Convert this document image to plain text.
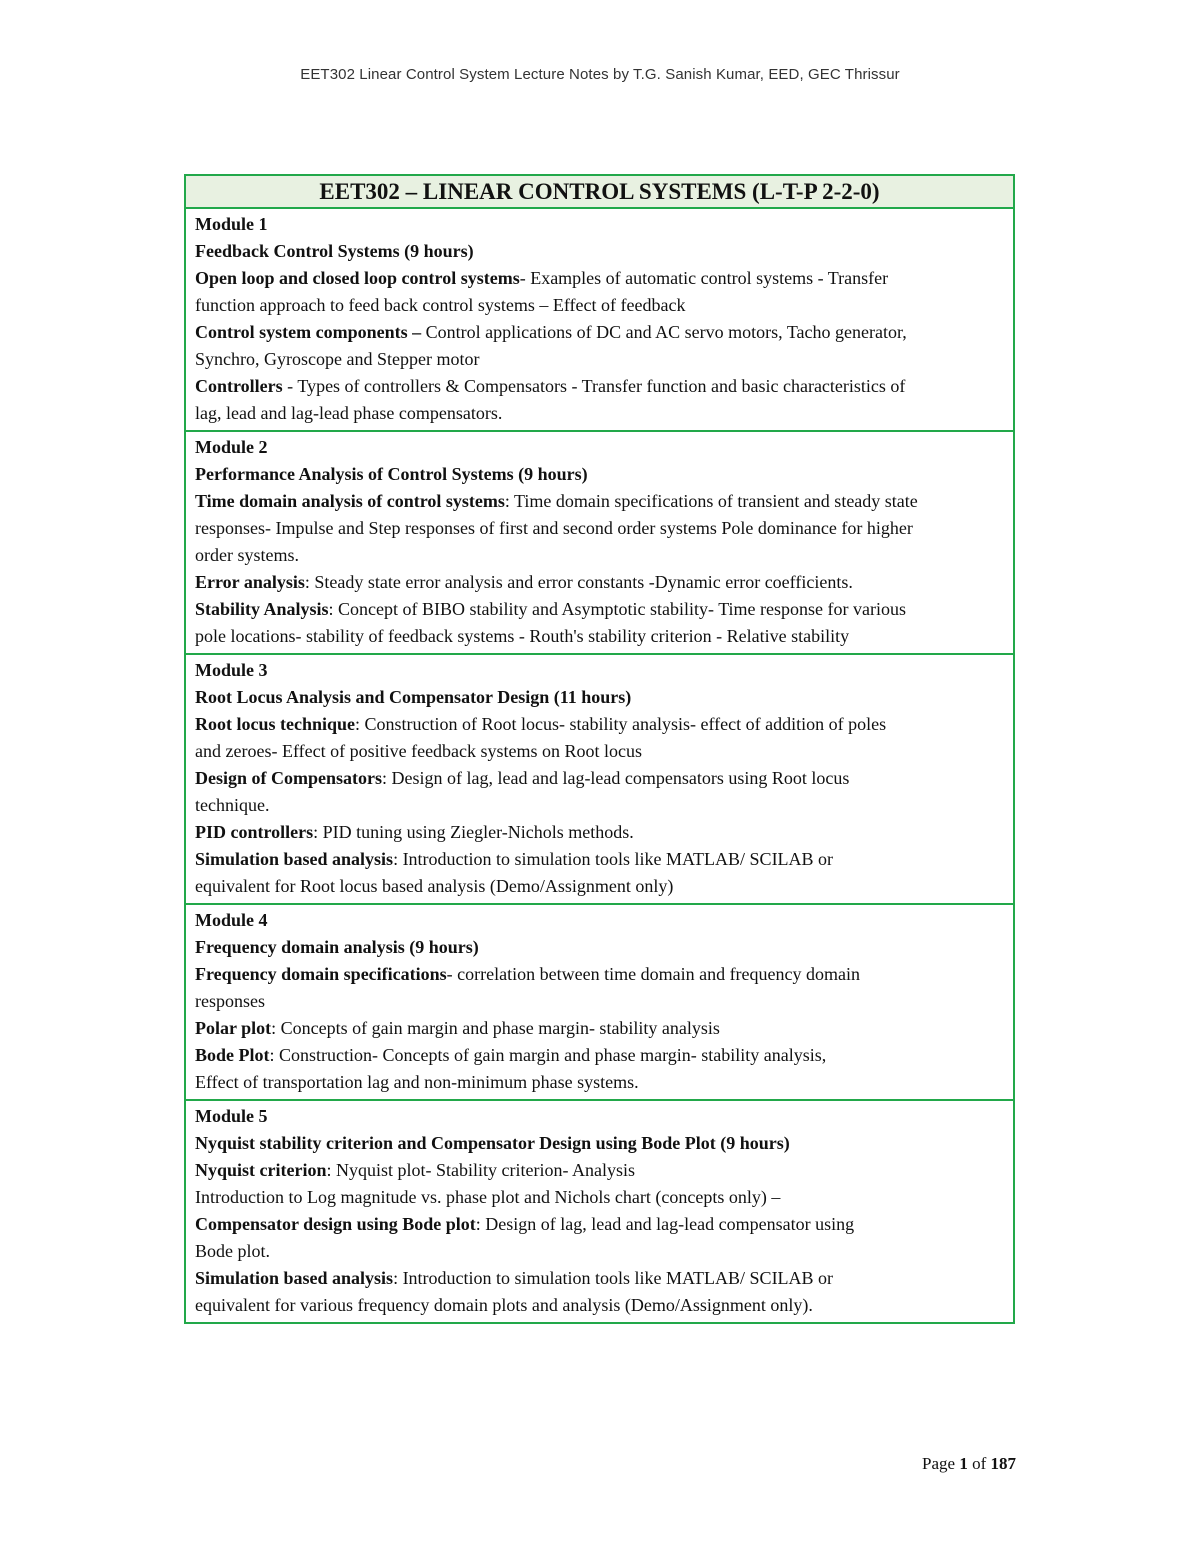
EET302 Linear Control System Lecture Notes by T.G. Sanish Kumar, EED, GEC Thrissur
EET302 – LINEAR CONTROL SYSTEMS (L-T-P 2-2-0)

Module 1
Feedback Control Systems (9 hours)
Open loop and closed loop control systems- Examples of automatic control systems - Transfer
function approach to feed back control systems – Effect of feedback
Control system components – Control applications of DC and AC servo motors, Tacho generator,
Synchro, Gyroscope and Stepper motor
Controllers - Types of controllers & Compensators - Transfer function and basic characteristics of
lag, lead and lag-lead phase compensators.

Module 2
Performance Analysis of Control Systems (9 hours)
Time domain analysis of control systems: Time domain specifications of transient and steady state
responses- Impulse and Step responses of first and second order systems Pole dominance for higher
order systems.
Error analysis: Steady state error analysis and error constants -Dynamic error coefficients.
Stability Analysis: Concept of BIBO stability and Asymptotic stability- Time response for various
pole locations- stability of feedback systems - Routh's stability criterion - Relative stability

Module 3
Root Locus Analysis and Compensator Design (11 hours)
Root locus technique: Construction of Root locus- stability analysis- effect of addition of poles
and zeroes- Effect of positive feedback systems on Root locus
Design of Compensators: Design of lag, lead and lag-lead compensators using Root locus
technique.
PID controllers: PID tuning using Ziegler-Nichols methods.
Simulation based analysis: Introduction to simulation tools like MATLAB/ SCILAB or
equivalent for Root locus based analysis (Demo/Assignment only)

Module 4
Frequency domain analysis (9 hours)
Frequency domain specifications- correlation between time domain and frequency domain
responses
Polar plot: Concepts of gain margin and phase margin- stability analysis
Bode Plot: Construction- Concepts of gain margin and phase margin- stability analysis,
Effect of transportation lag and non-minimum phase systems.

Module 5
Nyquist stability criterion and Compensator Design using Bode Plot (9 hours)
Nyquist criterion: Nyquist plot- Stability criterion- Analysis
Introduction to Log magnitude vs. phase plot and Nichols chart (concepts only) –
Compensator design using Bode plot: Design of lag, lead and lag-lead compensator using
Bode plot.
Simulation based analysis: Introduction to simulation tools like MATLAB/ SCILAB or
equivalent for various frequency domain plots and analysis (Demo/Assignment only).
Page 1 of 187
